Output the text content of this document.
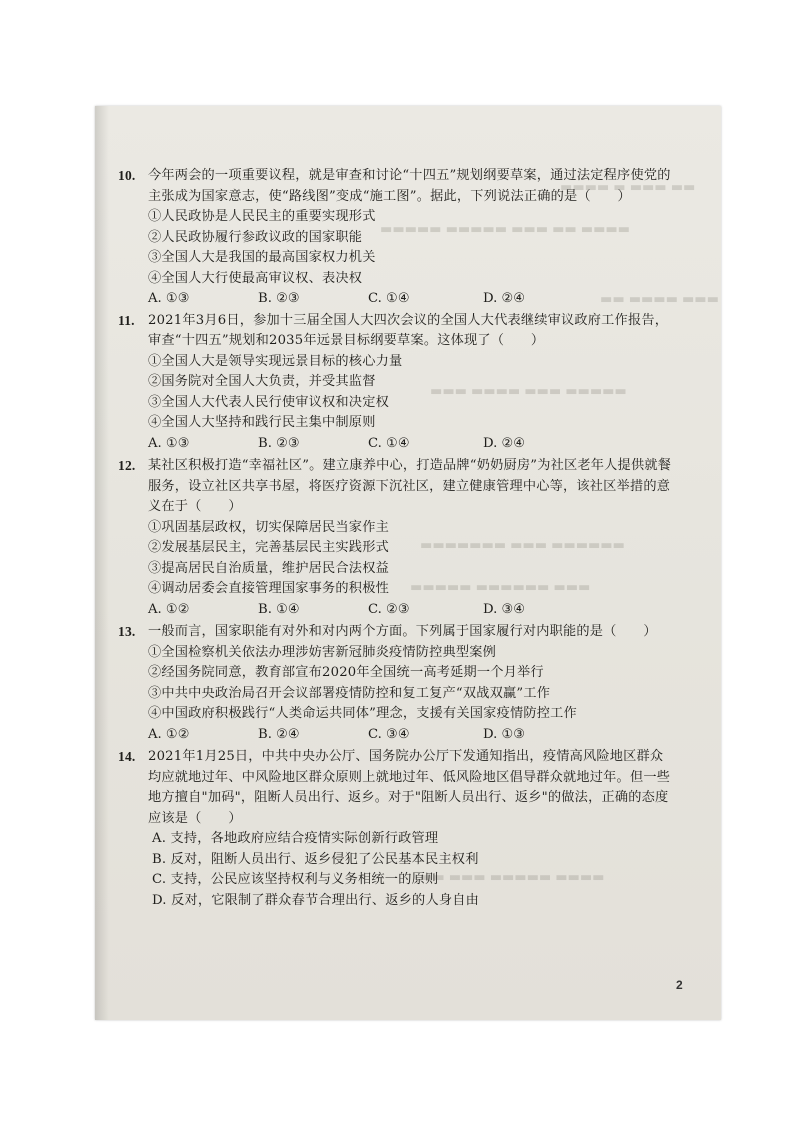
▬▬ ▬▬▬ ▬ ▬▬▬▬
▬▬▬▬ ▬▬ ▬▬▬ ▬▬▬▬▬ ▬▬▬▬▬
▬▬▬ ▬▬▬▬ ▬▬
▬▬▬▬▬ ▬▬▬ ▬▬▬▬ ▬▬▬
▬▬▬▬▬▬ ▬▬▬ ▬▬▬▬▬▬▬
▬▬▬ ▬▬▬▬▬▬ ▬▬▬▬▬
▬▬▬▬ ▬▬▬▬▬ ▬▬▬ ▬▬
10. 今年两会的一项重要议程，就是审查和讨论“十四五”规划纲要草案，通过法定程序使党的
主张成为国家意志，使“路线图”变成“施工图”。据此，下列说法正确的是（　　）
①人民政协是人民民主的重要实现形式
②人民政协履行参政议政的国家职能
③全国人大是我国的最高国家权力机关
④全国人大行使最高审议权、表决权
A. ①③	B. ②③	C. ①④	D. ②④
11.	2021年3月6日，参加十三届全国人大四次会议的全国人大代表继续审议政府工作报告，
审查“十四五”规划和2035年远景目标纲要草案。这体现了（　　）
①全国人大是领导实现远景目标的核心力量
②国务院对全国人大负责，并受其监督
③全国人大代表人民行使审议权和决定权
④全国人大坚持和践行民主集中制原则
A. ①③	B. ②③	C. ①④	D. ②④
12. 某社区积极打造“幸福社区”。建立康养中心，打造品牌“奶奶厨房”为社区老年人提供就餐
服务，设立社区共享书屋，将医疗资源下沉社区，建立健康管理中心等，该社区举措的意
义在于（　　）
①巩固基层政权，切实保障居民当家作主
②发展基层民主，完善基层民主实践形式
③提高居民自治质量，维护居民合法权益
④调动居委会直接管理国家事务的积极性
A. ①②	B. ①④	C. ②③	D. ③④
13. 一般而言，国家职能有对外和对内两个方面。下列属于国家履行对内职能的是（　　）
①全国检察机关依法办理涉妨害新冠肺炎疫情防控典型案例
②经国务院同意，教育部宣布2020年全国统一高考延期一个月举行
③中共中央政治局召开会议部署疫情防控和复工复产“双战双赢”工作
④中国政府积极践行“人类命运共同体”理念，支援有关国家疫情防控工作
A. ①②	B. ②④	C. ③④	D. ①③
14. 2021年1月25日，中共中央办公厅、国务院办公厅下发通知指出，疫情高风险地区群众
均应就地过年、中风险地区群众原则上就地过年、低风险地区倡导群众就地过年。但一些
地方擅自"加码"，阻断人员出行、返乡。对于"阻断人员出行、返乡"的做法，正确的态度
应该是（　　）
A. 支持，各地政府应结合疫情实际创新行政管理
B. 反对，阻断人员出行、返乡侵犯了公民基本民主权利
C. 支持，公民应该坚持权利与义务相统一的原则
D. 反对，它限制了群众春节合理出行、返乡的人身自由
2
